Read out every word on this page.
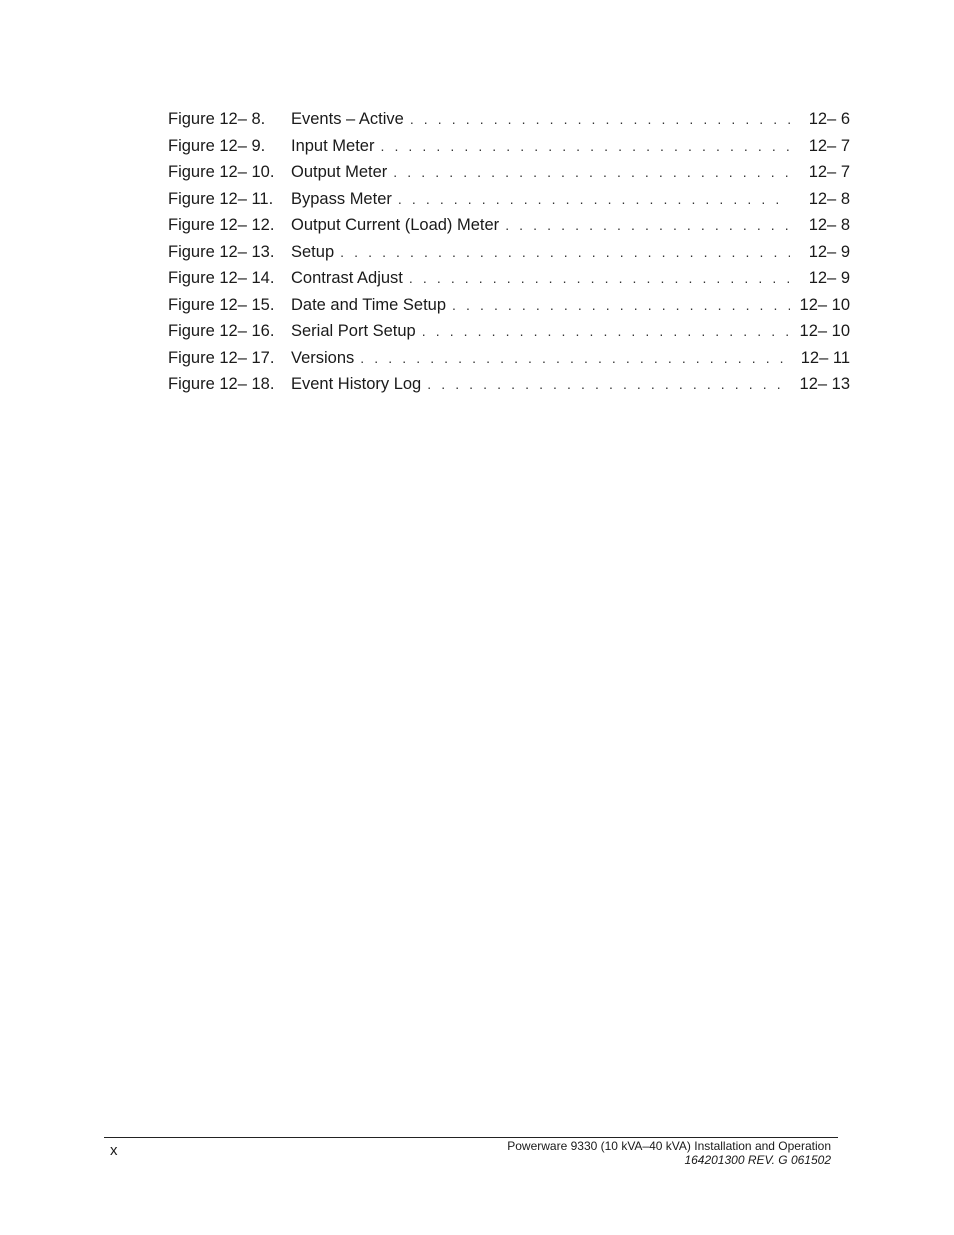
Figure 12– 8.	Events – Active . . .	12– 6
Figure 12– 9.	Input Meter . . .	12– 7
Figure 12– 10.	Output Meter . . .	12– 7
Figure 12– 11.	Bypass Meter . . .	12– 8
Figure 12– 12.	Output Current (Load) Meter . . .	12– 8
Figure 12– 13.	Setup . . .	12– 9
Figure 12– 14.	Contrast Adjust . . .	12– 9
Figure 12– 15.	Date and Time Setup . . .	12– 10
Figure 12– 16.	Serial Port Setup . . .	12– 10
Figure 12– 17.	Versions . . .	12– 11
Figure 12– 18.	Event History Log . . .	12– 13
x	Powerware 9330 (10 kVA–40 kVA) Installation and Operation
164201300 REV. G 061502
